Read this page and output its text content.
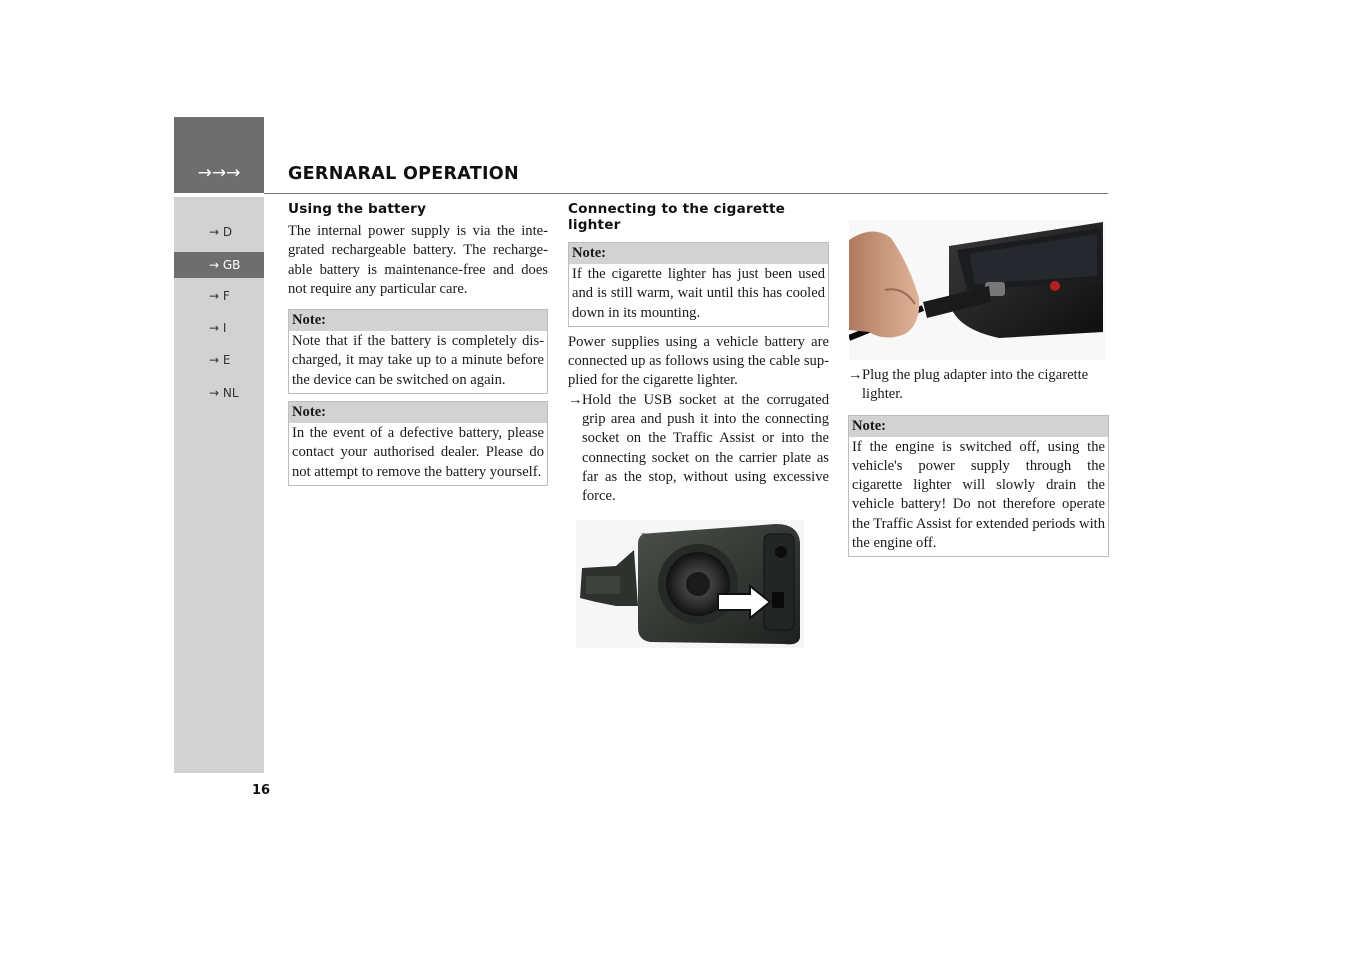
→→→
→ D
→ GB
→ F
→ I
→ E
→ NL
16
GERNARAL OPERATION
Using the battery

The internal power supply is via the integrated rechargeable battery. The rechargeable battery is maintenance-free and does not require any particular care.

Note:
Note that if the battery is completely discharged, it may take up to a minute before the device can be switched on again.
Note:
In the event of a defective battery, please contact your authorised dealer. Please do not attempt to remove the battery yourself.
Connecting to the cigarette
lighter
Note:
If the cigarette lighter has just been used and is still warm, wait until this has cooled down in its mounting.

Power supplies using a vehicle battery are connected up as follows using the cable supplied for the cigarette lighter.

→ Hold the USB socket at the corrugated grip area and push it into the connecting socket on the Traffic Assist or into the connecting socket on the carrier plate as far as the stop, without using excessive force.
→ Plug the plug adapter into the cigarette lighter.
Note:
If the engine is switched off, using the vehicle's power supply through the cigarette lighter will slowly drain the vehicle battery! Do not therefore operate the Traffic Assist for extended periods with the engine off.
